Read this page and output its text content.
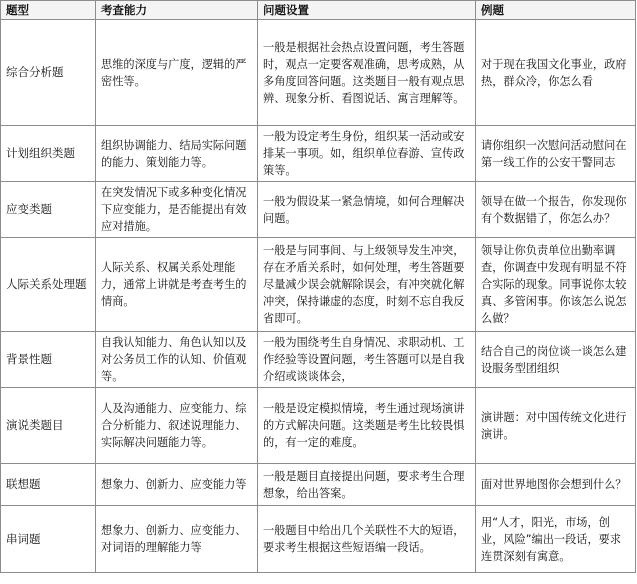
题型	考查能力	问题设置	例题
综合分析题	思维的深度与广度，逻辑的严密性等。	一般是根据社会热点设置问题，考生答题时，观点一定要客观准确，思考成熟，从多角度回答问题。这类题目一般有观点思辨、现象分析、看图说话、寓言理解等。	对于现在我国文化事业，政府热，群众冷，你怎么看
计划组织类题	组织协调能力、结局实际问题的能力、策划能力等。	一般为设定考生身份，组织某一活动或安排某一事项。如，组织单位春游、宣传政策等。	请你组织一次慰问活动慰问在第一线工作的公安干警同志
应变类题	在突发情况下或多种变化情况下应变能力，是否能提出有效应对措施。	一般为假设某一紧急情境，如何合理解决问题。	领导在做一个报告，你发现你有个数据错了，你怎么办？
人际关系处理题	人际关系、权属关系处理能力，通常上讲就是考查考生的情商。	一般是与同事间、与上级领导发生冲突，存在矛盾关系时，如何处理，考生答题要尽量减少误会就解除误会，有冲突就化解冲突，保持谦虚的态度，时刻不忘自我反省即可。	领导让你负责单位出勤率调查，你调查中发现有明显不符合实际的现象。同事说你太较真、多管闲事。你该怎么说怎么做？
背景性题	自我认知能力、角色认知以及对公务员工作的认知、价值观等。	一般为围绕考生自身情况、求职动机、工作经验等设置问题，考生答题可以是自我介绍或谈谈体会，	结合自己的岗位谈一谈怎么建设服务型团组织
演说类题目	人及沟通能力、应变能力、综合分析能力、叙述说理能力、实际解决问题能力等。	一般是设定模拟情境，考生通过现场演讲的方式解决问题。这类题是考生比较畏惧的，有一定的难度。	演讲题：对中国传统文化进行演讲。
联想题	想象力、创新力、应变能力等	一般是题目直接提出问题，要求考生合理想象，给出答案。	面对世界地图你会想到什么？
串词题	想象力、创新力、应变能力、对词语的理解能力等	一般题目中给出几个关联性不大的短语，要求考生根据这些短语编一段话。	用“人才，阳光，市场，创业，风险”编出一段话，要求连贯深刻有寓意。
